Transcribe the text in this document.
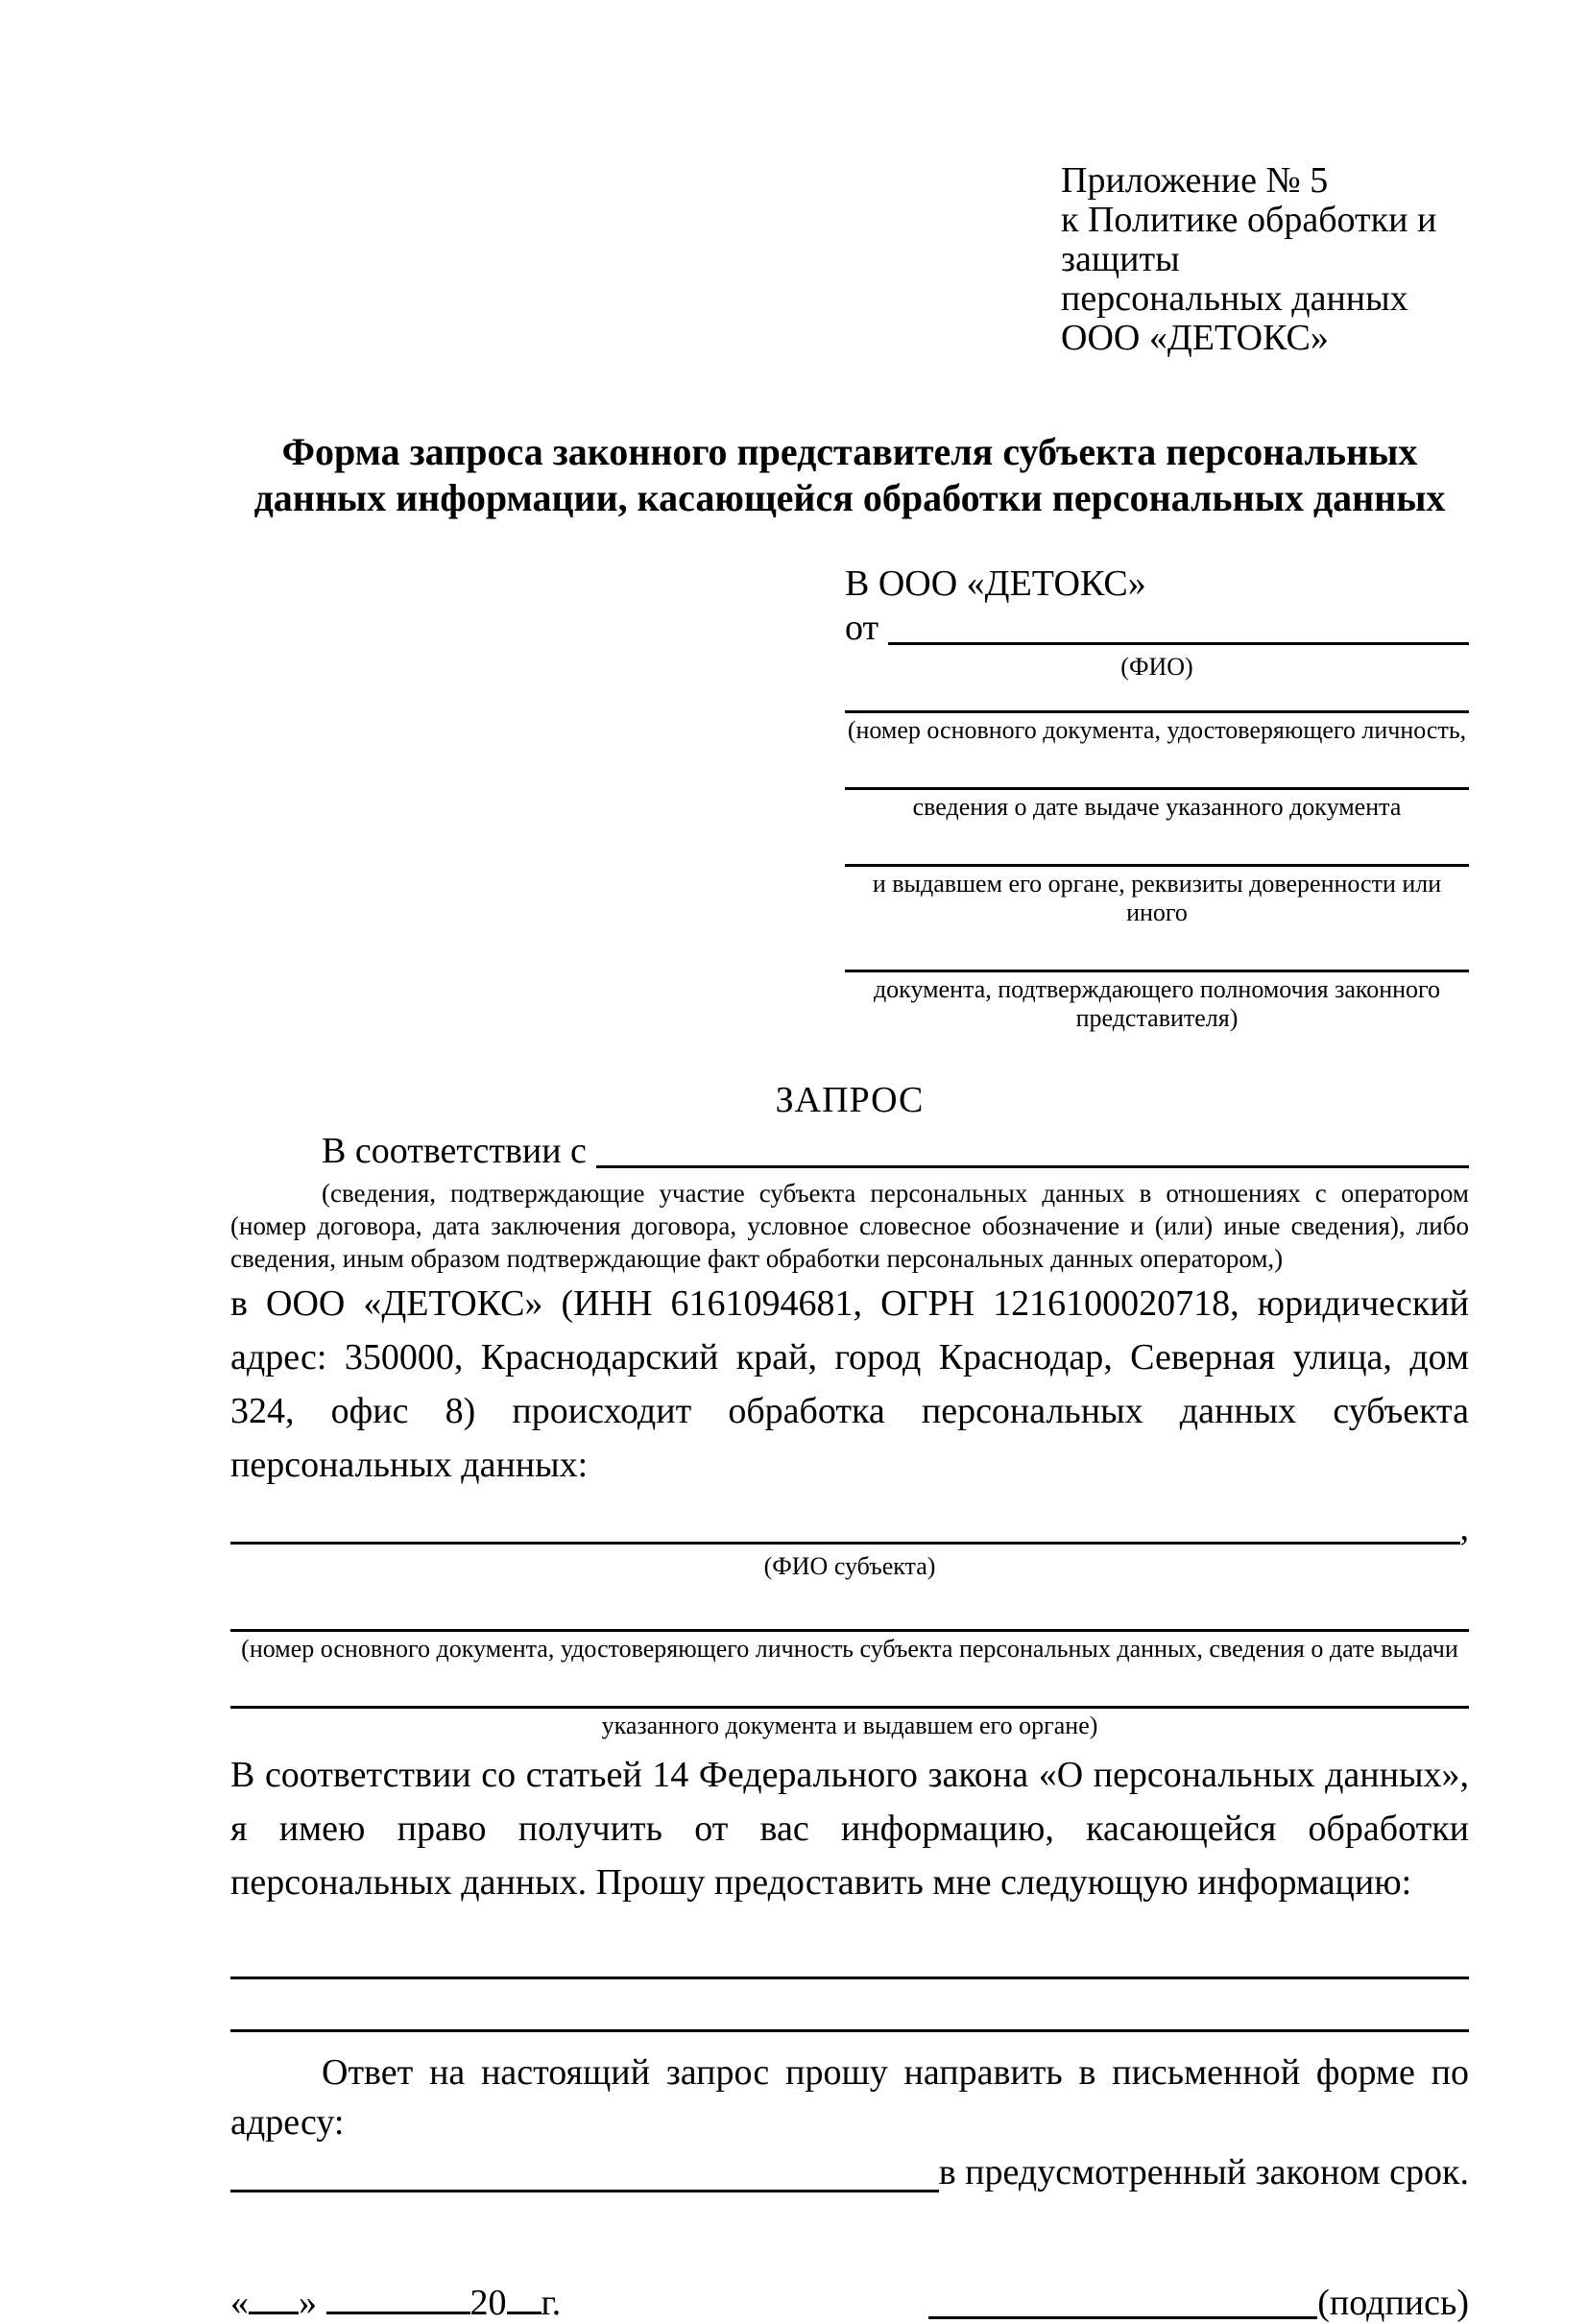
Приложение № 5
к Политике обработки и защиты
персональных данных
ООО «ДЕТОКС»
Форма запроса законного представителя субъекта персональных данных информации, касающейся обработки персональных данных
В ООО «ДЕТОКС»
от
(ФИО)
(номер основного документа, удостоверяющего личность,
сведения о дате выдаче указанного документа
и выдавшем его органе, реквизиты доверенности или иного
документа, подтверждающего полномочия законного представителя)
ЗАПРОС
В соответствии с
(сведения, подтверждающие участие субъекта персональных данных в отношениях с оператором (номер договора, дата заключения договора, условное словесное обозначение и (или) иные сведения), либо сведения, иным образом подтверждающие факт обработки персональных данных оператором,)
в ООО «ДЕТОКС» (ИНН 6161094681, ОГРН 1216100020718, юридический адрес: 350000, Краснодарский край, город Краснодар, Северная улица, дом 324, офис 8) происходит обработка персональных данных субъекта персональных данных:
,
(ФИО субъекта)
(номер основного документа, удостоверяющего личность субъекта персональных данных, сведения о дате выдачи
указанного документа и выдавшем его органе)
В соответствии со статьей 14 Федерального закона «О персональных данных», я имею право получить от вас информацию, касающейся обработки персональных данных. Прошу предоставить мне следующую информацию:
Ответ на настоящий запрос прошу направить в письменной форме по адресу:
в предусмотренный законом срок.
« »	20 г.	(подпись)
